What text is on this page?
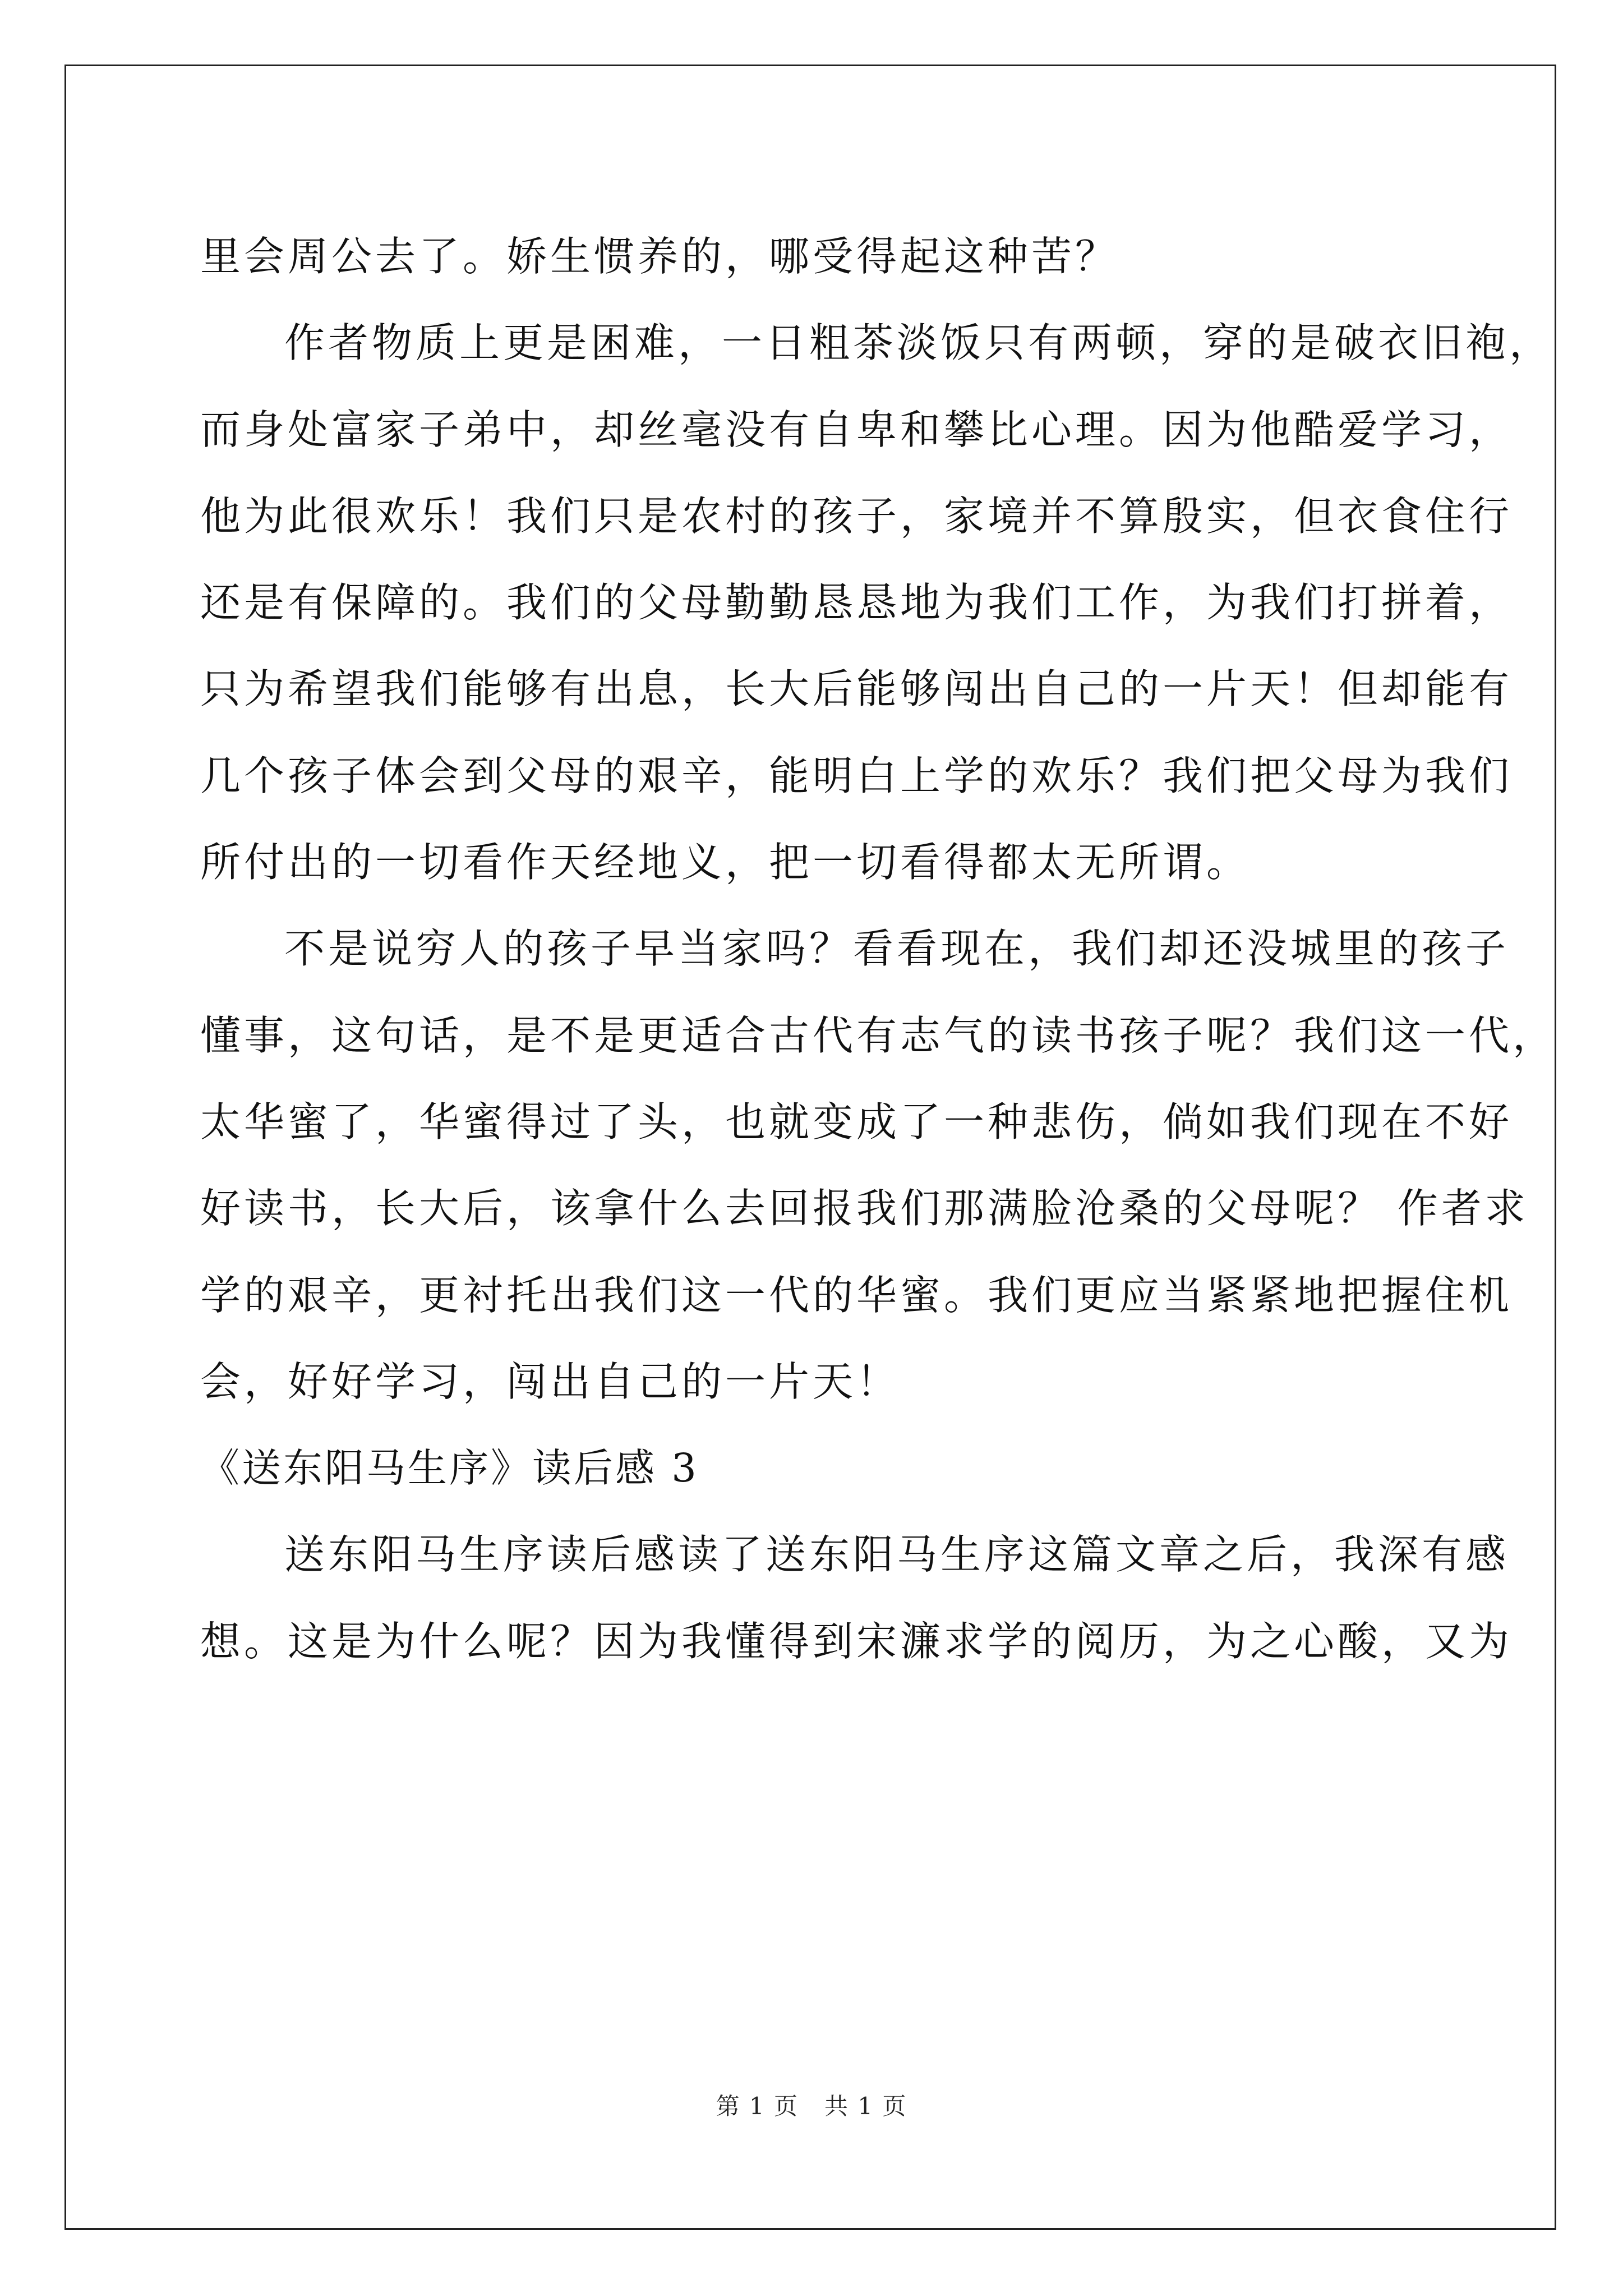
里会周公去了。娇生惯养的，哪受得起这种苦？
作者物质上更是困难，一日粗茶淡饭只有两顿，穿的是破衣旧袍，
而身处富家子弟中，却丝毫没有自卑和攀比心理。因为他酷爱学习，
他为此很欢乐！我们只是农村的孩子，家境并不算殷实，但衣食住行
还是有保障的。我们的父母勤勤恳恳地为我们工作，为我们打拼着，
只为希望我们能够有出息，长大后能够闯出自己的一片天！但却能有
几个孩子体会到父母的艰辛，能明白上学的欢乐？我们把父母为我们
所付出的一切看作天经地义，把一切看得都太无所谓。
不是说穷人的孩子早当家吗？看看现在，我们却还没城里的孩子
懂事，这句话，是不是更适合古代有志气的读书孩子呢？我们这一代，
太华蜜了，华蜜得过了头，也就变成了一种悲伤，倘如我们现在不好
好读书，长大后，该拿什么去回报我们那满脸沧桑的父母呢？ 作者求
学的艰辛，更衬托出我们这一代的华蜜。我们更应当紧紧地把握住机
会，好好学习，闯出自己的一片天！
《送东阳马生序》读后感 3
送东阳马生序读后感读了送东阳马生序这篇文章之后，我深有感
想。这是为什么呢？因为我懂得到宋濂求学的阅历，为之心酸，又为
第 1 页 共 1 页
